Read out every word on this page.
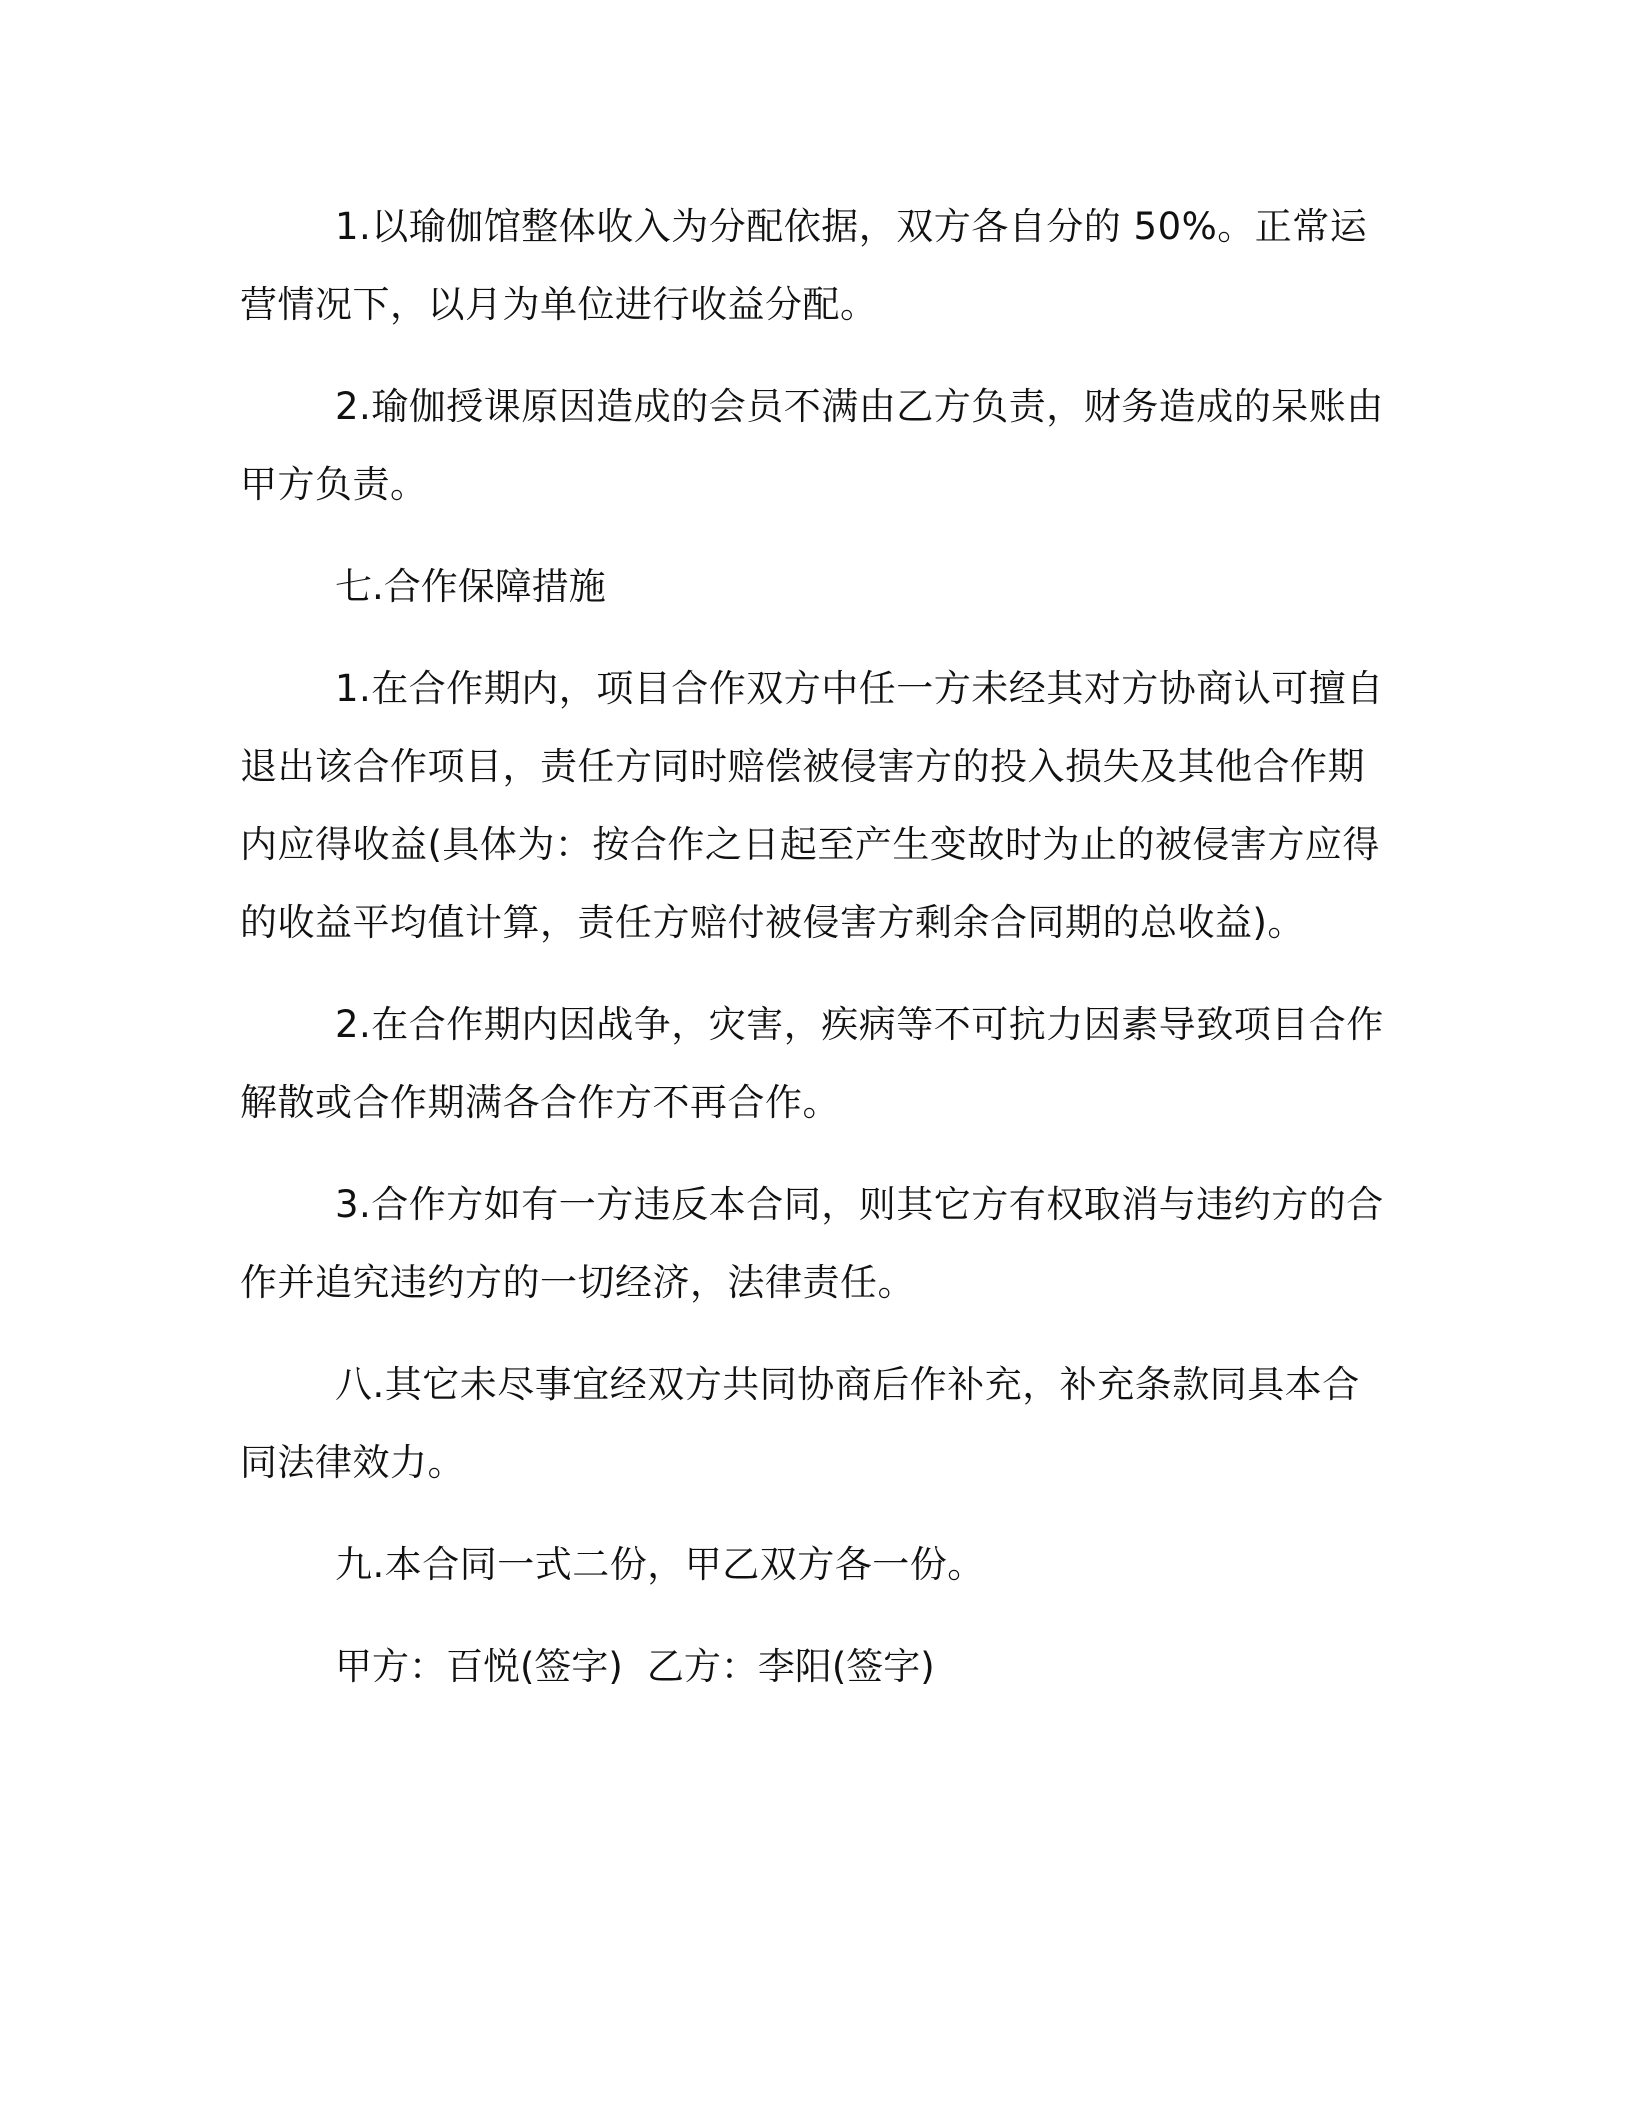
1.以瑜伽馆整体收入为分配依据，双方各自分的 50%。正常运营情况下，以月为单位进行收益分配。

2.瑜伽授课原因造成的会员不满由乙方负责，财务造成的呆账由甲方负责。

七.合作保障措施

1.在合作期内，项目合作双方中任一方未经其对方协商认可擅自退出该合作项目，责任方同时赔偿被侵害方的投入损失及其他合作期内应得收益(具体为：按合作之日起至产生变故时为止的被侵害方应得的收益平均值计算，责任方赔付被侵害方剩余合同期的总收益)。

2.在合作期内因战争，灾害，疾病等不可抗力因素导致项目合作解散或合作期满各合作方不再合作。

3.合作方如有一方违反本合同，则其它方有权取消与违约方的合作并追究违约方的一切经济，法律责任。

八.其它未尽事宜经双方共同协商后作补充，补充条款同具本合同法律效力。

九.本合同一式二份，甲乙双方各一份。

甲方：百悦(签字) 乙方：李阳(签字)
